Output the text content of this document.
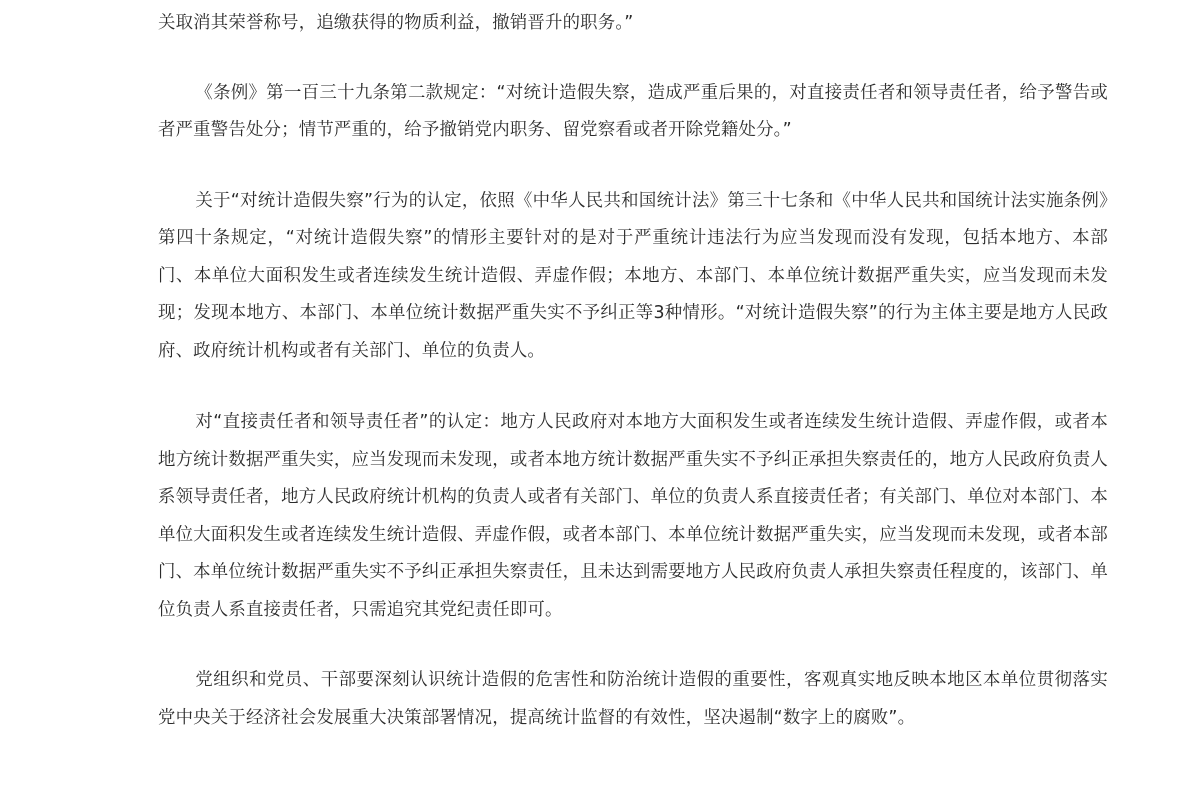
关取消其荣誉称号，追缴获得的物质利益，撤销晋升的职务。”

《条例》第一百三十九条第二款规定：“对统计造假失察，造成严重后果的，对直接责任者和领导责任者，给予警告或者严重警告处分；情节严重的，给予撤销党内职务、留党察看或者开除党籍处分。”

关于“对统计造假失察”行为的认定，依照《中华人民共和国统计法》第三十七条和《中华人民共和国统计法实施条例》第四十条规定，“对统计造假失察”的情形主要针对的是对于严重统计违法行为应当发现而没有发现，包括本地方、本部门、本单位大面积发生或者连续发生统计造假、弄虚作假；本地方、本部门、本单位统计数据严重失实，应当发现而未发现；发现本地方、本部门、本单位统计数据严重失实不予纠正等3种情形。“对统计造假失察”的行为主体主要是地方人民政府、政府统计机构或者有关部门、单位的负责人。

对“直接责任者和领导责任者”的认定：地方人民政府对本地方大面积发生或者连续发生统计造假、弄虚作假，或者本地方统计数据严重失实，应当发现而未发现，或者本地方统计数据严重失实不予纠正承担失察责任的，地方人民政府负责人系领导责任者，地方人民政府统计机构的负责人或者有关部门、单位的负责人系直接责任者；有关部门、单位对本部门、本单位大面积发生或者连续发生统计造假、弄虚作假，或者本部门、本单位统计数据严重失实，应当发现而未发现，或者本部门、本单位统计数据严重失实不予纠正承担失察责任，且未达到需要地方人民政府负责人承担失察责任程度的，该部门、单位负责人系直接责任者，只需追究其党纪责任即可。

党组织和党员、干部要深刻认识统计造假的危害性和防治统计造假的重要性，客观真实地反映本地区本单位贯彻落实党中央关于经济社会发展重大决策部署情况，提高统计监督的有效性，坚决遏制“数字上的腐败”。
